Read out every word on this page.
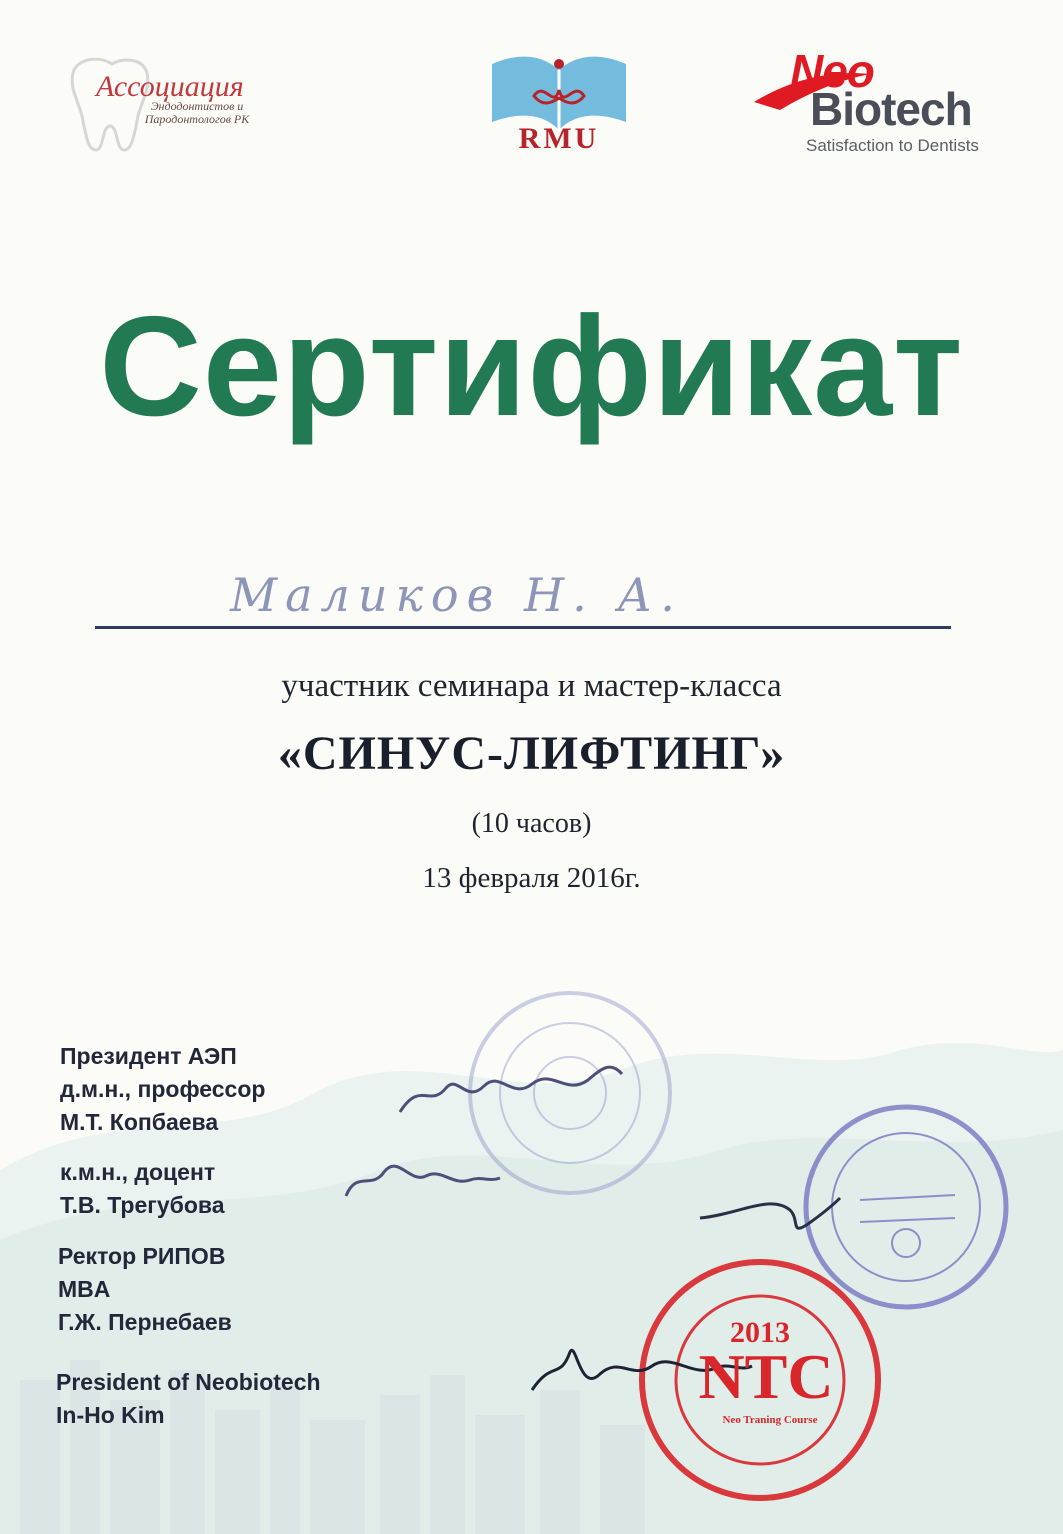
Ассоциация
Эндодонтистов и Пародонтологов РК
RMU
Neo
Biotech
Satisfaction to Dentists
Сертификат
Маликов Н. А.
участник семинара и мастер-класса
«СИНУС-ЛИФТИНГ»
(10 часов)
13 февраля 2016г.
Президент АЭП
д.м.н., профессор
М.Т. Копбаева
к.м.н., доцент
Т.В. Трегубова
Ректор РИПОВ
MBA
Г.Ж. Пернебаев
President of Neobiotech
In-Ho Kim
2013
NTC
Neo Traning Course
